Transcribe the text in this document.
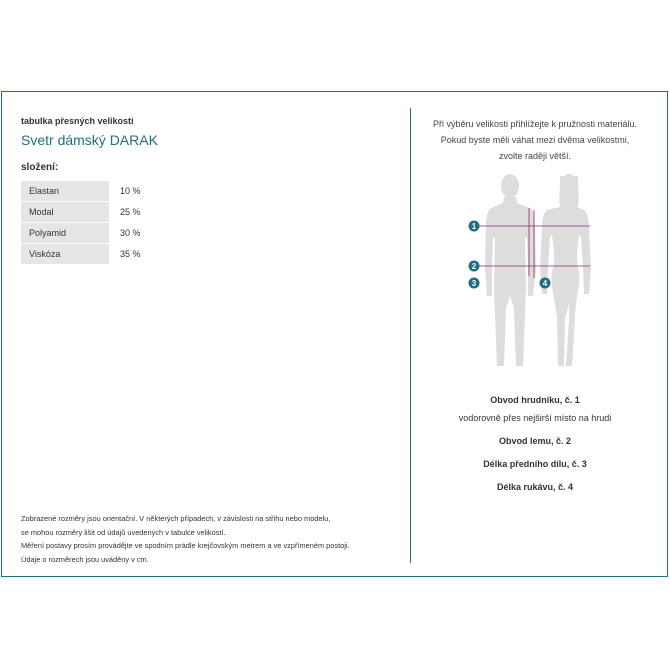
tabulka přesných velikostí
Svetr dámský DARAK
složení:
Elastan	10 %
Modal	25 %
Polyamid	30 %
Viskóza	35 %
Zobrazené rozměry jsou orientační. V některých případech, v závislosti na střihu nebo modelu,
se mohou rozměry lišit od údajů uvedených v tabulce velikostí.
Měření postavy prosím provádějte ve spodním prádle krejčovským metrem a ve vzpřímeném postoji.
Údaje o rozměrech jsou uváděny v cm.
Při výběru velikosti přihlížejte k pružnosti materiálu.
Pokud byste měli váhat mezi dvěma velikostmi,
zvolte raději větší.
1
2
3	4
Obvod hrudníku, č. 1
vodorovně přes nejširší místo na hrudi
Obvod lemu, č. 2
Délka předního dílu, č. 3
Délka rukávu, č. 4
